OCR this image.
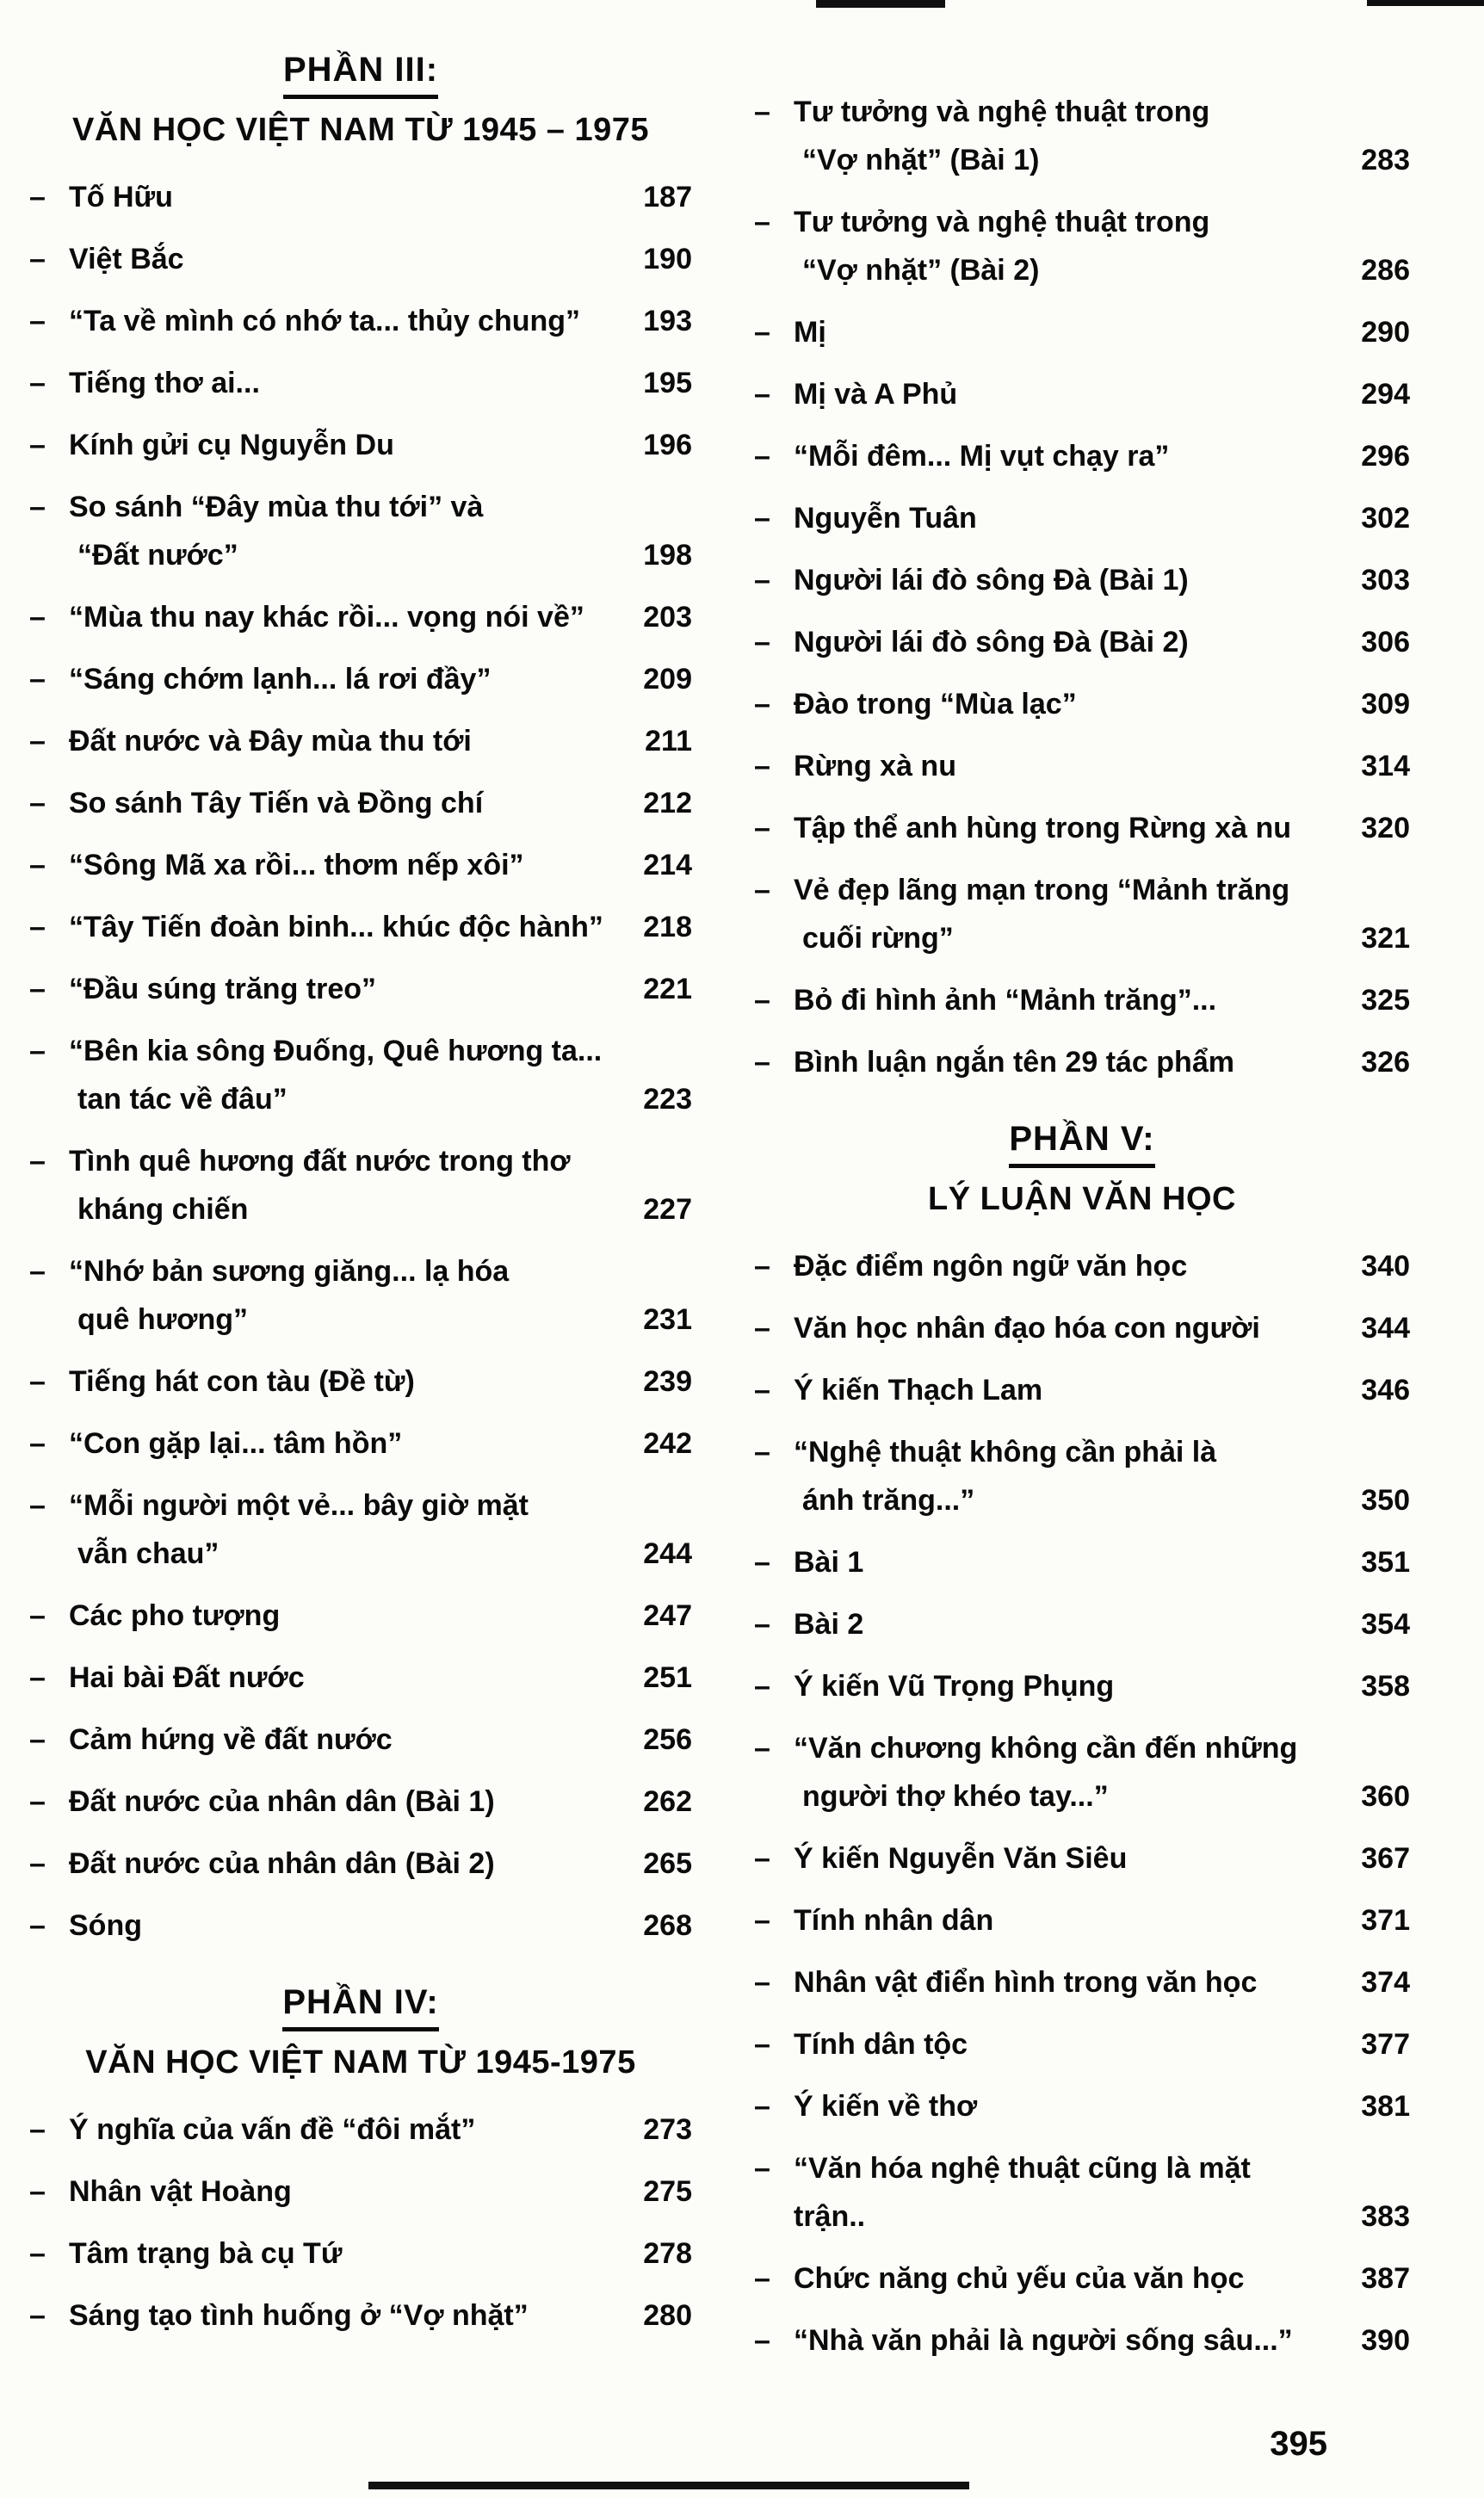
PHẦN III:
VĂN HỌC VIỆT NAM TỪ 1945 – 1975
–
Tố Hữu	187
–
Việt Bắc	190
–
“Ta về mình có nhớ ta... thủy chung”	193
–
Tiếng thơ ai...	195
–
Kính gửi cụ Nguyễn Du	196
–
So sánh “Đây mùa thu tới” và
“Đất nước”	198
–
“Mùa thu nay khác rồi... vọng nói về”	203
–
“Sáng chớm lạnh... lá rơi đầy”	209
–
Đất nước và Đây mùa thu tới	211
–
So sánh Tây Tiến và Đồng chí	212
–
“Sông Mã xa rồi... thơm nếp xôi”	214
–
“Tây Tiến đoàn binh... khúc độc hành”	218
–
“Đầu súng trăng treo”	221
–
“Bên kia sông Đuống, Quê hương ta...
tan tác về đâu”	223
–
Tình quê hương đất nước trong thơ
kháng chiến	227
–
“Nhớ bản sương giăng... lạ hóa
quê hương”	231
–
Tiếng hát con tàu (Đề từ)	239
–
“Con gặp lại... tâm hồn”	242
–
“Mỗi người một vẻ... bây giờ mặt
vẫn chau”	244
–
Các pho tượng	247
–
Hai bài Đất nước	251
–
Cảm hứng về đất nước	256
–
Đất nước của nhân dân (Bài 1)	262
–
Đất nước của nhân dân (Bài 2)	265
–
Sóng	268
PHẦN IV:
VĂN HỌC VIỆT NAM TỪ 1945-1975
–
Ý nghĩa của vấn đề “đôi mắt”	273
–
Nhân vật Hoàng	275
–
Tâm trạng bà cụ Tứ	278
–
Sáng tạo tình huống ở “Vợ nhặt”	280
–
Tư tưởng và nghệ thuật trong
“Vợ nhặt” (Bài 1)	283
–
Tư tưởng và nghệ thuật trong
“Vợ nhặt” (Bài 2)	286
–
Mị	290
–
Mị và A Phủ	294
–
“Mỗi đêm... Mị vụt chạy ra”	296
–
Nguyễn Tuân	302
–
Người lái đò sông Đà (Bài 1)	303
–
Người lái đò sông Đà (Bài 2)	306
–
Đào trong “Mùa lạc”	309
–
Rừng xà nu	314
–
Tập thể anh hùng trong Rừng xà nu	320
–
Vẻ đẹp lãng mạn trong “Mảnh trăng
cuối rừng”	321
–
Bỏ đi hình ảnh “Mảnh trăng”...	325
–
Bình luận ngắn tên 29 tác phẩm	326
PHẦN V:
LÝ LUẬN VĂN HỌC
–
Đặc điểm ngôn ngữ văn học	340
–
Văn học nhân đạo hóa con người	344
–
Ý kiến Thạch Lam	346
–
“Nghệ thuật không cần phải là
ánh trăng...”	350
–
Bài 1	351
–
Bài 2	354
–
Ý kiến Vũ Trọng Phụng	358
–
“Văn chương không cần đến những
người thợ khéo tay...”	360
–
Ý kiến Nguyễn Văn Siêu	367
–
Tính nhân dân	371
–
Nhân vật điển hình trong văn học	374
–
Tính dân tộc	377
–
Ý kiến về thơ	381
–
“Văn hóa nghệ thuật cũng là mặt trận..	383
–
Chức năng chủ yếu của văn học	387
–
“Nhà văn phải là người sống sâu...”	390
395
